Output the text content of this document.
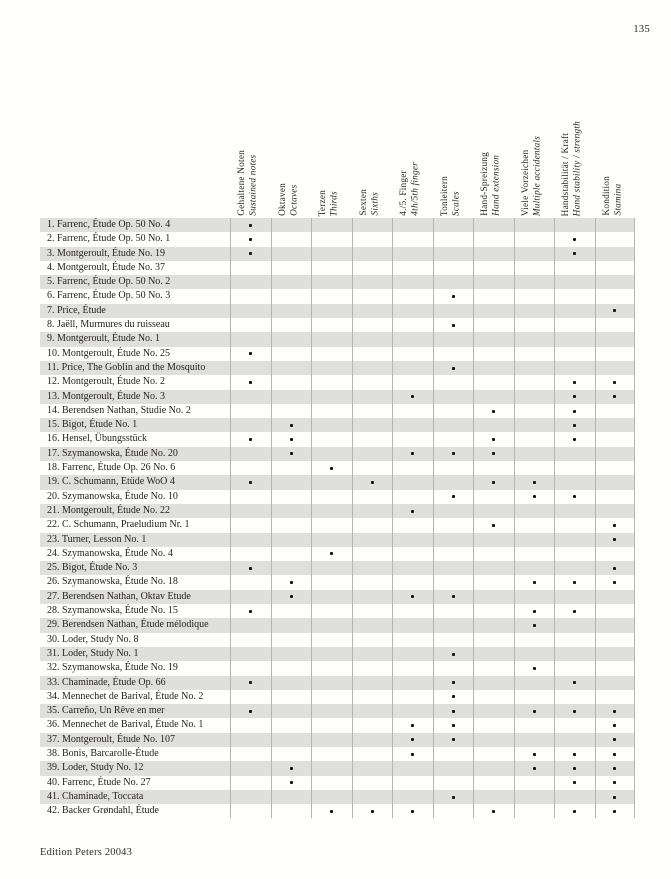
135
Gehaltene Noten Sustained notes Oktaven Octaves Terzen Thirds Sexten Sixths 4./5. Finger 4th/5th finger Tonleitern Scales Hand-Spreizung Hand extension Viele Vorzeichen Multiple accidentals Handstabilität / Kraft Hand stability / strength Kondition Stamina
1. Farrenc, Étude Op. 50 No. 4
2. Farrenc, Étude Op. 50 No. 1
3. Montgeroult, Étude No. 19
4. Montgeroult, Étude No. 37
5. Farrenc, Étude Op. 50 No. 2
6. Farrenc, Étude Op. 50 No. 3
7. Price, Étude
8. Jaëll, Murmures du ruisseau
9. Montgeroult, Étude No. 1
10. Montgeroult, Étude No. 25
11. Price, The Goblin and the Mosquito
12. Montgeroult, Étude No. 2
13. Montgeroult, Étude No. 3
14. Berendsen Nathan, Studie No. 2
15. Bigot, Étude No. 1
16. Hensel, Übungsstück
17. Szymanowska, Étude No. 20
18. Farrenc, Étude Op. 26 No. 6
19. C. Schumann, Etüde WoO 4
20. Szymanowska, Étude No. 10
21. Montgeroult, Étude No. 22
22. C. Schumann, Praeludium Nr. 1
23. Turner, Lesson No. 1
24. Szymanowska, Étude No. 4
25. Bigot, Étude No. 3
26. Szymanowska, Étude No. 18
27. Berendsen Nathan, Oktav Etude
28. Szymanowska, Étude No. 15
29. Berendsen Nathan, Étude mélodique
30. Loder, Study No. 8
31. Loder, Study No. 1
32. Szymanowska, Étude No. 19
33. Chaminade, Étude Op. 66
34. Mennechet de Barival, Étude No. 2
35. Carreño, Un Rêve en mer
36. Mennechet de Barival, Étude No. 1
37. Montgeroult, Étude No. 107
38. Bonis, Barcarolle-Étude
39. Loder, Study No. 12
40. Farrenc, Étude No. 27
41. Chaminade, Toccata
42. Backer Grøndahl, Étude
Edition Peters 20043
